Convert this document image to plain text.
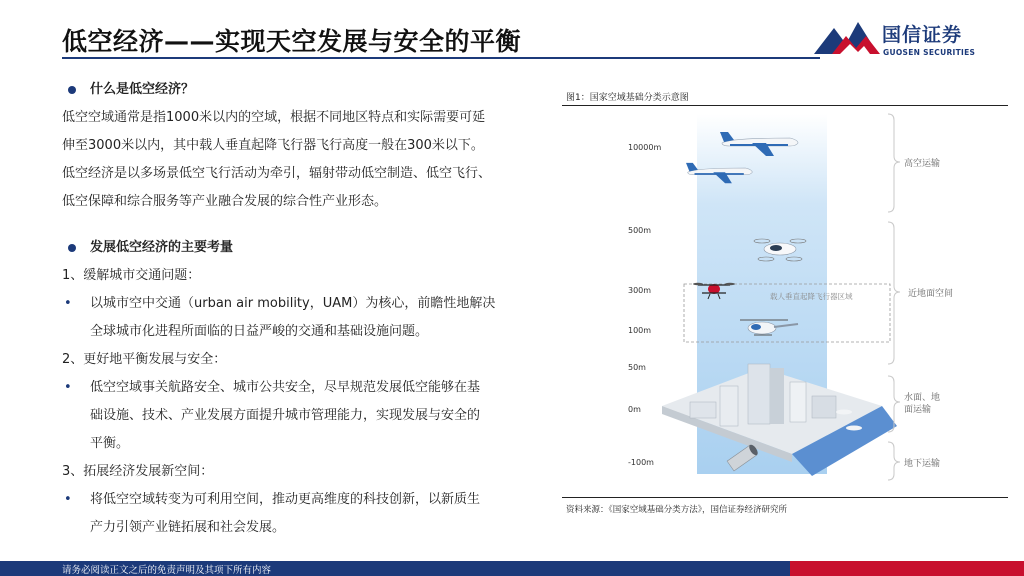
低空经济——实现天空发展与安全的平衡	国信证券
GUOSEN SECURITIES
什么是低空经济？
低空空域通常是指1000米以内的空域，根据不同地区特点和实际需要可延
伸至3000米以内，其中载人垂直起降飞行器飞行高度一般在300米以下。
低空经济是以多场景低空飞行活动为牵引，辐射带动低空制造、低空飞行、
低空保障和综合服务等产业融合发展的综合性产业形态。
发展低空经济的主要考量
1、缓解城市交通问题：
• 以城市空中交通（urban air mobility，UAM）为核心，前瞻性地解决
全球城市化进程所面临的日益严峻的交通和基础设施问题。
2、更好地平衡发展与安全：
• 低空空域事关航路安全、城市公共安全，尽早规范发展低空能够在基
础设施、技术、产业发展方面提升城市管理能力，实现发展与安全的
平衡。
3、拓展经济发展新空间：
• 将低空空域转变为可利用空间，推动更高维度的科技创新，以新质生
产力引领产业链拓展和社会发展。
图1：国家空域基础分类示意图
10000m
500m
300m
100m
50m
0m
-100m
载人垂直起降飞行器区域
高空运输
近地面空间
水面、地
面运输
地下运输
资料来源：《国家空域基础分类方法》，国信证券经济研究所
请务必阅读正文之后的免责声明及其项下所有内容
